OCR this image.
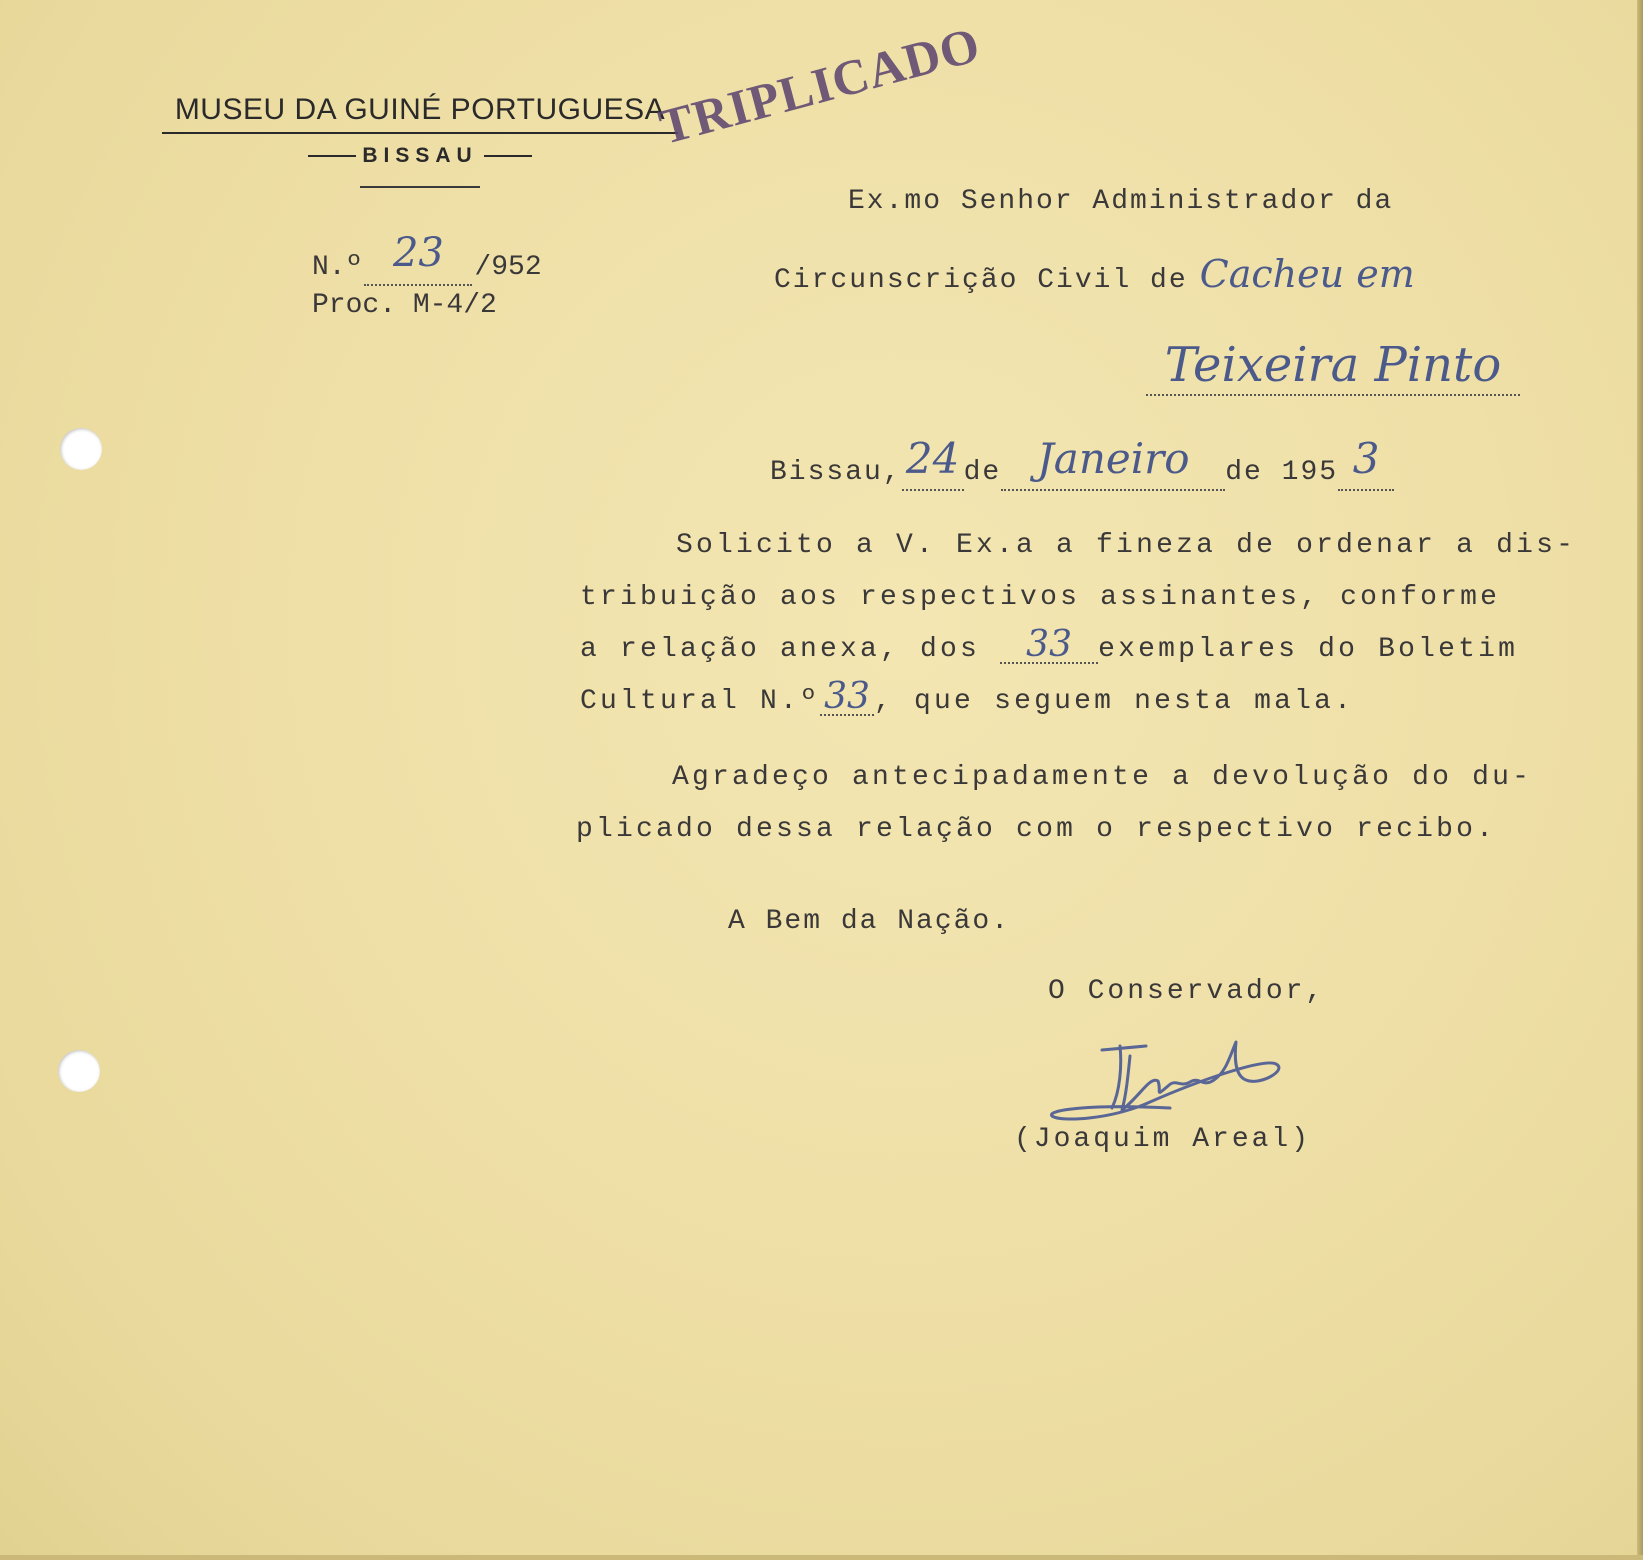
MUSEU DA GUINÉ PORTUGUESA
BISSAU
TRIPLICADO
N.º 23 /952
Proc. M-4/2
Ex.mo Senhor Administrador da
Circunscrição Civil de Cacheu em
Teixeira Pinto
Bissau, 24 de Janeiro de 195 3
Solicito a V. Ex.a a fineza de ordenar a dis-
tribuição aos respectivos assinantes, conforme
a relação anexa, dos 33 exemplares do Boletim
Cultural N.º 33 , que seguem nesta mala.
Agradeço antecipadamente a devolução do du-
plicado dessa relação com o respectivo recibo.
A Bem da Nação.
O Conservador,
(Joaquim Areal)
